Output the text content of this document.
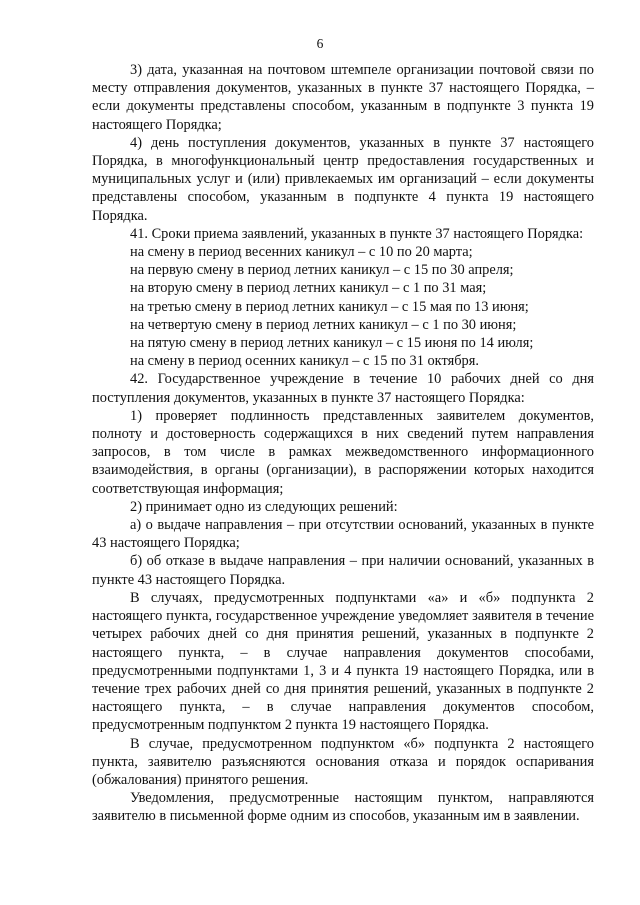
6

3) дата, указанная на почтовом штемпеле организации почтовой связи по месту отправления документов, указанных в пункте 37 настоящего Порядка, – если документы представлены способом, указанным в подпункте 3 пункта 19 настоящего Порядка;

4) день поступления документов, указанных в пункте 37 настоящего Порядка, в многофункциональный центр предоставления государственных и муниципальных услуг и (или) привлекаемых им организаций – если документы представлены способом, указанным в подпункте 4 пункта 19 настоящего Порядка.

41. Сроки приема заявлений, указанных в пункте 37 настоящего Порядка:

на смену в период весенних каникул – с 10 по 20 марта;
на первую смену в период летних каникул – с 15 по 30 апреля;
на вторую смену в период летних каникул – с 1 по 31 мая;
на третью смену в период летних каникул – с 15 мая по 13 июня;
на четвертую смену в период летних каникул – с 1 по 30 июня;
на пятую смену в период летних каникул – с 15 июня по 14 июля;
на смену в период осенних каникул – с 15 по 31 октября.

42. Государственное учреждение в течение 10 рабочих дней со дня поступления документов, указанных в пункте 37 настоящего Порядка:

1) проверяет подлинность представленных заявителем документов, полноту и достоверность содержащихся в них сведений путем направления запросов, в том числе в рамках межведомственного информационного взаимодействия, в органы (организации), в распоряжении которых находится соответствующая информация;

2) принимает одно из следующих решений:

а) о выдаче направления – при отсутствии оснований, указанных в пункте 43 настоящего Порядка;

б) об отказе в выдаче направления – при наличии оснований, указанных в пункте 43 настоящего Порядка.

В случаях, предусмотренных подпунктами «а» и «б» подпункта 2 настоящего пункта, государственное учреждение уведомляет заявителя в течение четырех рабочих дней со дня принятия решений, указанных в подпункте 2 настоящего пункта, – в случае направления документов способами, предусмотренными подпунктами 1, 3 и 4 пункта 19 настоящего Порядка, или в течение трех рабочих дней со дня принятия решений, указанных в подпункте 2 настоящего пункта, – в случае направления документов способом, предусмотренным подпунктом 2 пункта 19 настоящего Порядка.

В случае, предусмотренном подпунктом «б» подпункта 2 настоящего пункта, заявителю разъясняются основания отказа и порядок оспаривания (обжалования) принятого решения.

Уведомления, предусмотренные настоящим пунктом, направляются заявителю в письменной форме одним из способов, указанным им в заявлении.
